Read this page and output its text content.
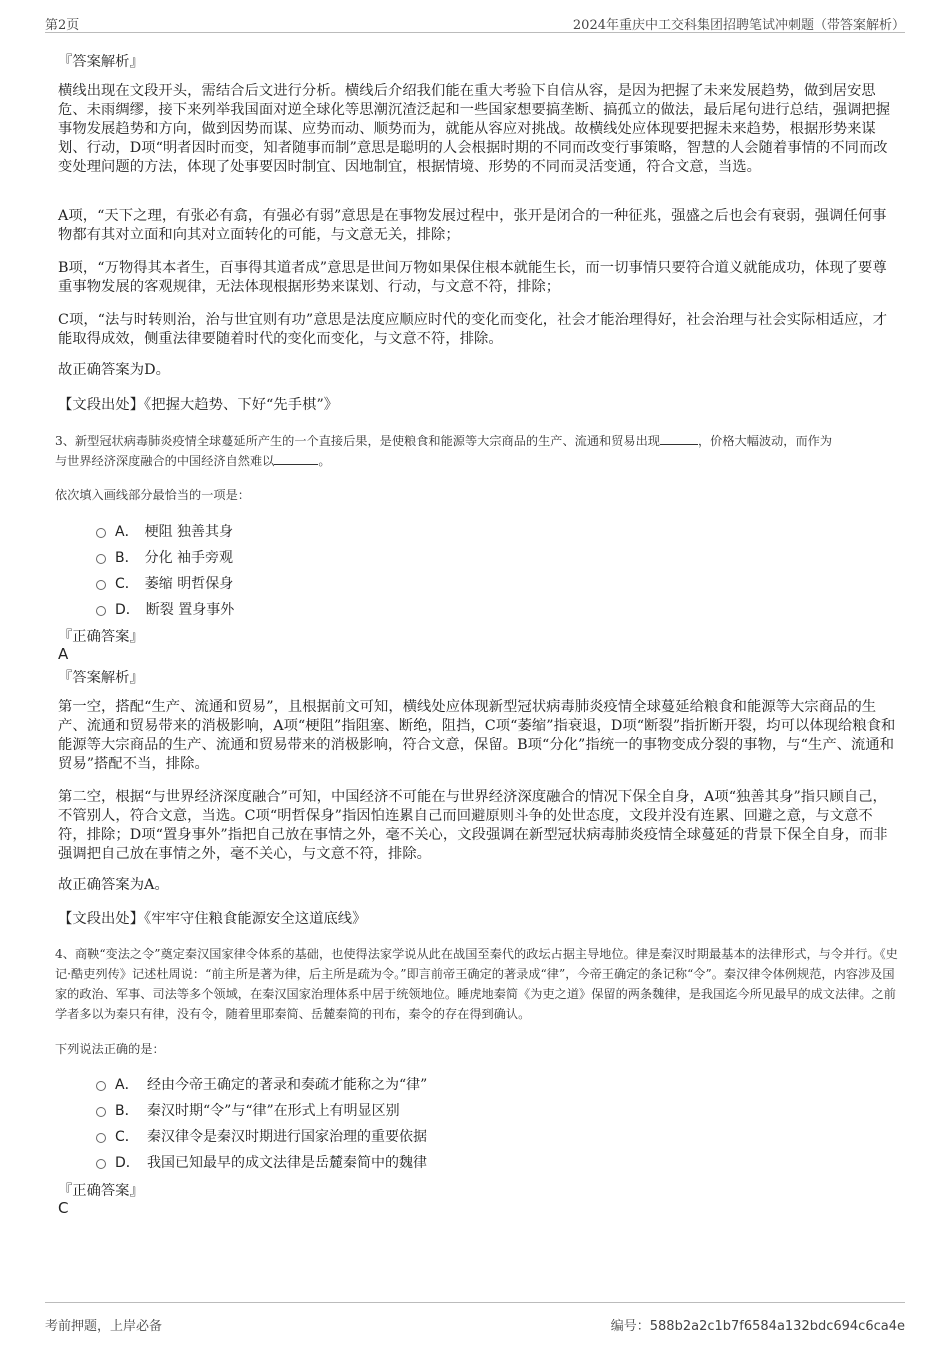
第2页	2024年重庆中工交科集团招聘笔试冲刺题（带答案解析）
『答案解析』
横线出现在文段开头，需结合后文进行分析。横线后介绍我们能在重大考验下自信从容，是因为把握了未来发展趋势，做到居安思危、未雨绸缪，接下来列举我国面对逆全球化等思潮沉渣泛起和一些国家想要搞垄断、搞孤立的做法，最后尾句进行总结，强调把握事物发展趋势和方向，做到因势而谋、应势而动、顺势而为，就能从容应对挑战。故横线处应体现要把握未来趋势，根据形势来谋划、行动，D项“明者因时而变，知者随事而制”意思是聪明的人会根据时期的不同而改变行事策略，智慧的人会随着事情的不同而改变处理问题的方法，体现了处事要因时制宜、因地制宜，根据情境、形势的不同而灵活变通，符合文意，当选。
A项，“天下之理，有张必有翕，有强必有弱”意思是在事物发展过程中，张开是闭合的一种征兆，强盛之后也会有衰弱，强调任何事物都有其对立面和向其对立面转化的可能，与文意无关，排除；
B项，“万物得其本者生，百事得其道者成”意思是世间万物如果保住根本就能生长，而一切事情只要符合道义就能成功，体现了要尊重事物发展的客观规律，无法体现根据形势来谋划、行动，与文意不符，排除；
C项，“法与时转则治，治与世宜则有功”意思是法度应顺应时代的变化而变化，社会才能治理得好，社会治理与社会实际相适应，才能取得成效，侧重法律要随着时代的变化而变化，与文意不符，排除。
故正确答案为D。
【文段出处】《把握大趋势、下好“先手棋”》
3、新型冠状病毒肺炎疫情全球蔓延所产生的一个直接后果，是使粮食和能源等大宗商品的生产、流通和贸易出现	，价格大幅波动，而作为
与世界经济深度融合的中国经济自然难以	。
依次填入画线部分最恰当的一项是：
A． 梗阻 独善其身
B． 分化 袖手旁观
C． 萎缩 明哲保身
D． 断裂 置身事外
『正确答案』
A
『答案解析』
第一空，搭配“生产、流通和贸易”，且根据前文可知，横线处应体现新型冠状病毒肺炎疫情全球蔓延给粮食和能源等大宗商品的生产、流通和贸易带来的消极影响，A项“梗阻”指阻塞、断绝，阻挡，C项“萎缩”指衰退，D项“断裂”指折断开裂，均可以体现给粮食和能源等大宗商品的生产、流通和贸易带来的消极影响，符合文意，保留。B项“分化”指统一的事物变成分裂的事物，与“生产、流通和贸易”搭配不当，排除。
第二空，根据“与世界经济深度融合”可知，中国经济不可能在与世界经济深度融合的情况下保全自身，A项“独善其身”指只顾自己，不管别人，符合文意，当选。C项“明哲保身”指因怕连累自己而回避原则斗争的处世态度，文段并没有连累、回避之意，与文意不符，排除；D项“置身事外”指把自己放在事情之外，毫不关心，文段强调在新型冠状病毒肺炎疫情全球蔓延的背景下保全自身，而非强调把自己放在事情之外，毫不关心，与文意不符，排除。
故正确答案为A。
【文段出处】《牢牢守住粮食能源安全这道底线》
4、商鞅“变法之令”奠定秦汉国家律令体系的基础，也使得法家学说从此在战国至秦代的政坛占据主导地位。律是秦汉时期最基本的法律形式，与令并行。《史记·酷吏列传》记述杜周说：“前主所是著为律，后主所是疏为令。”即言前帝王确定的著录成“律”，今帝王确定的条记称“令”。秦汉律令体例规范，内容涉及国家的政治、军事、司法等多个领域，在秦汉国家治理体系中居于统领地位。睡虎地秦简《为吏之道》保留的两条魏律，是我国迄今所见最早的成文法律。之前学者多以为秦只有律，没有令，随着里耶秦简、岳麓秦简的刊布，秦令的存在得到确认。
下列说法正确的是：
A． 经由今帝王确定的著录和奏疏才能称之为“律”
B． 秦汉时期“令”与“律”在形式上有明显区别
C． 秦汉律令是秦汉时期进行国家治理的重要依据
D． 我国已知最早的成文法律是岳麓秦简中的魏律
『正确答案』
C
考前押题，上岸必备	编号：588b2a2c1b7f6584a132bdc694c6ca4e
